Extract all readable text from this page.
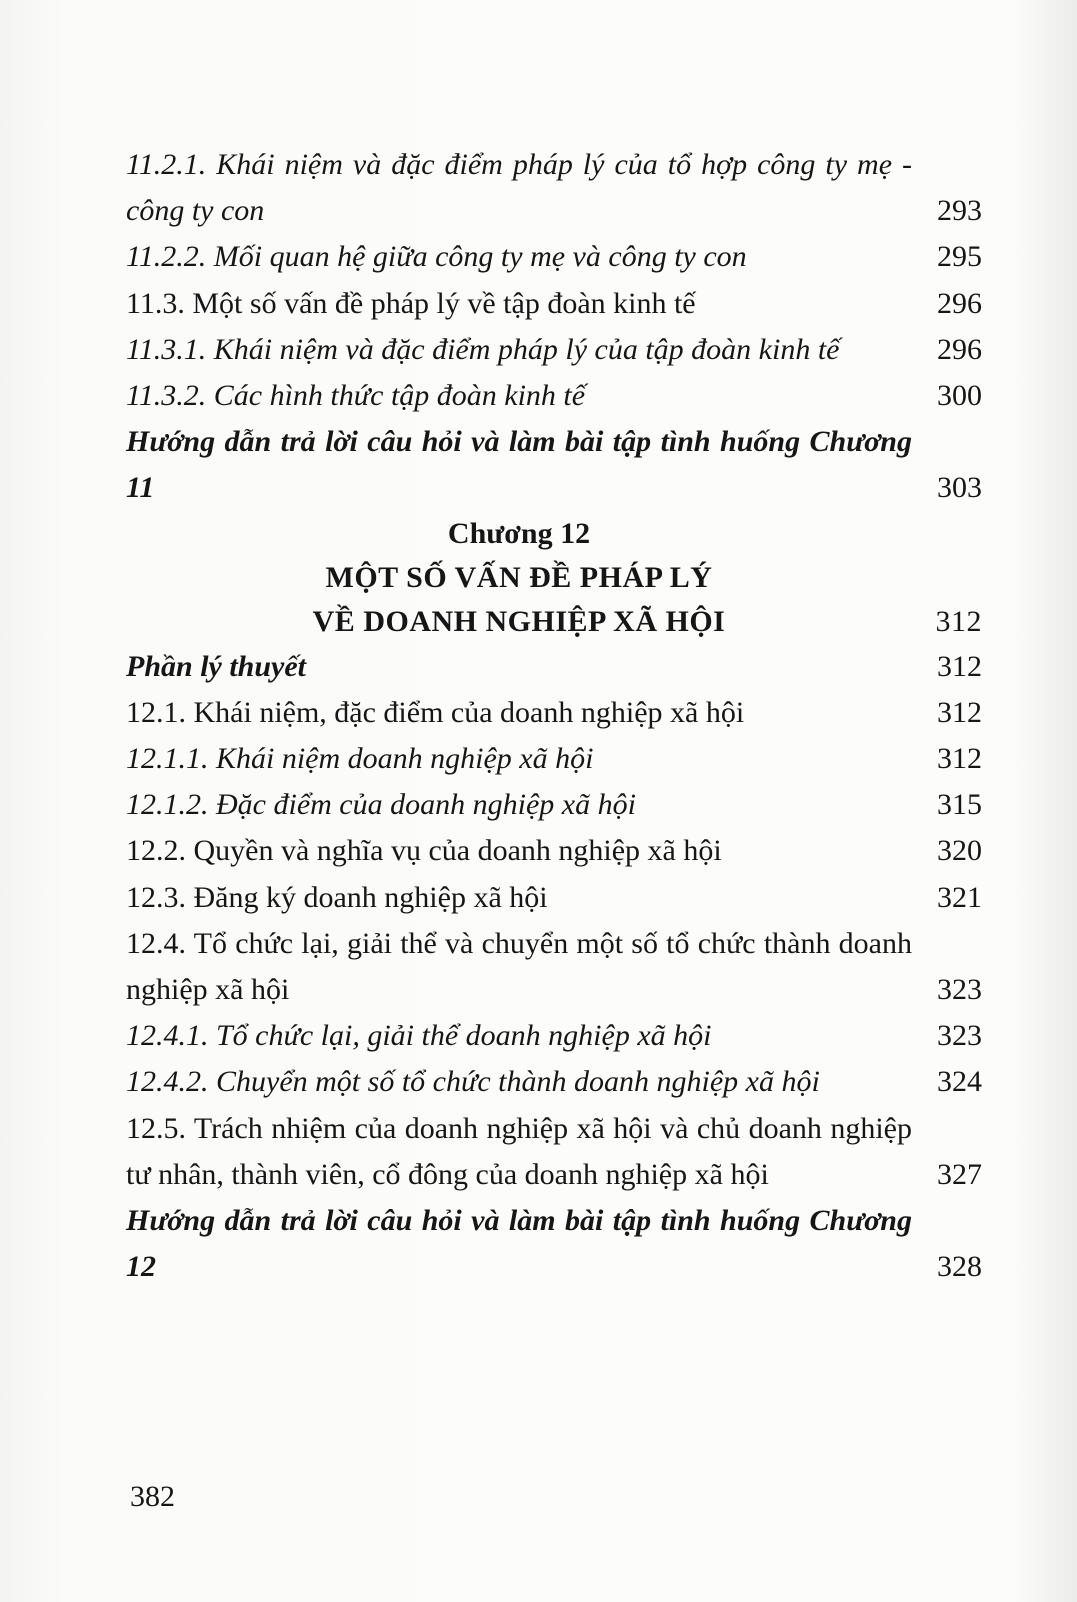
11.2.1. Khái niệm và đặc điểm pháp lý của tổ hợp công ty mẹ - công ty con	293
11.2.2. Mối quan hệ giữa công ty mẹ và công ty con	295
11.3. Một số vấn đề pháp lý về tập đoàn kinh tế	296
11.3.1. Khái niệm và đặc điểm pháp lý của tập đoàn kinh tế	296
11.3.2. Các hình thức tập đoàn kinh tế	300
Hướng dẫn trả lời câu hỏi và làm bài tập tình huống Chương 11	303
Chương 12
MỘT SỐ VẤN ĐỀ PHÁP LÝ
VỀ DOANH NGHIỆP XÃ HỘI	312
Phần lý thuyết	312
12.1. Khái niệm, đặc điểm của doanh nghiệp xã hội	312
12.1.1. Khái niệm doanh nghiệp xã hội	312
12.1.2. Đặc điểm của doanh nghiệp xã hội	315
12.2. Quyền và nghĩa vụ của doanh nghiệp xã hội	320
12.3. Đăng ký doanh nghiệp xã hội	321
12.4. Tổ chức lại, giải thể và chuyển một số tổ chức thành doanh nghiệp xã hội	323
12.4.1. Tổ chức lại, giải thể doanh nghiệp xã hội	323
12.4.2. Chuyển một số tổ chức thành doanh nghiệp xã hội	324
12.5. Trách nhiệm của doanh nghiệp xã hội và chủ doanh nghiệp tư nhân, thành viên, cổ đông của doanh nghiệp xã hội	327
Hướng dẫn trả lời câu hỏi và làm bài tập tình huống Chương 12	328
382
